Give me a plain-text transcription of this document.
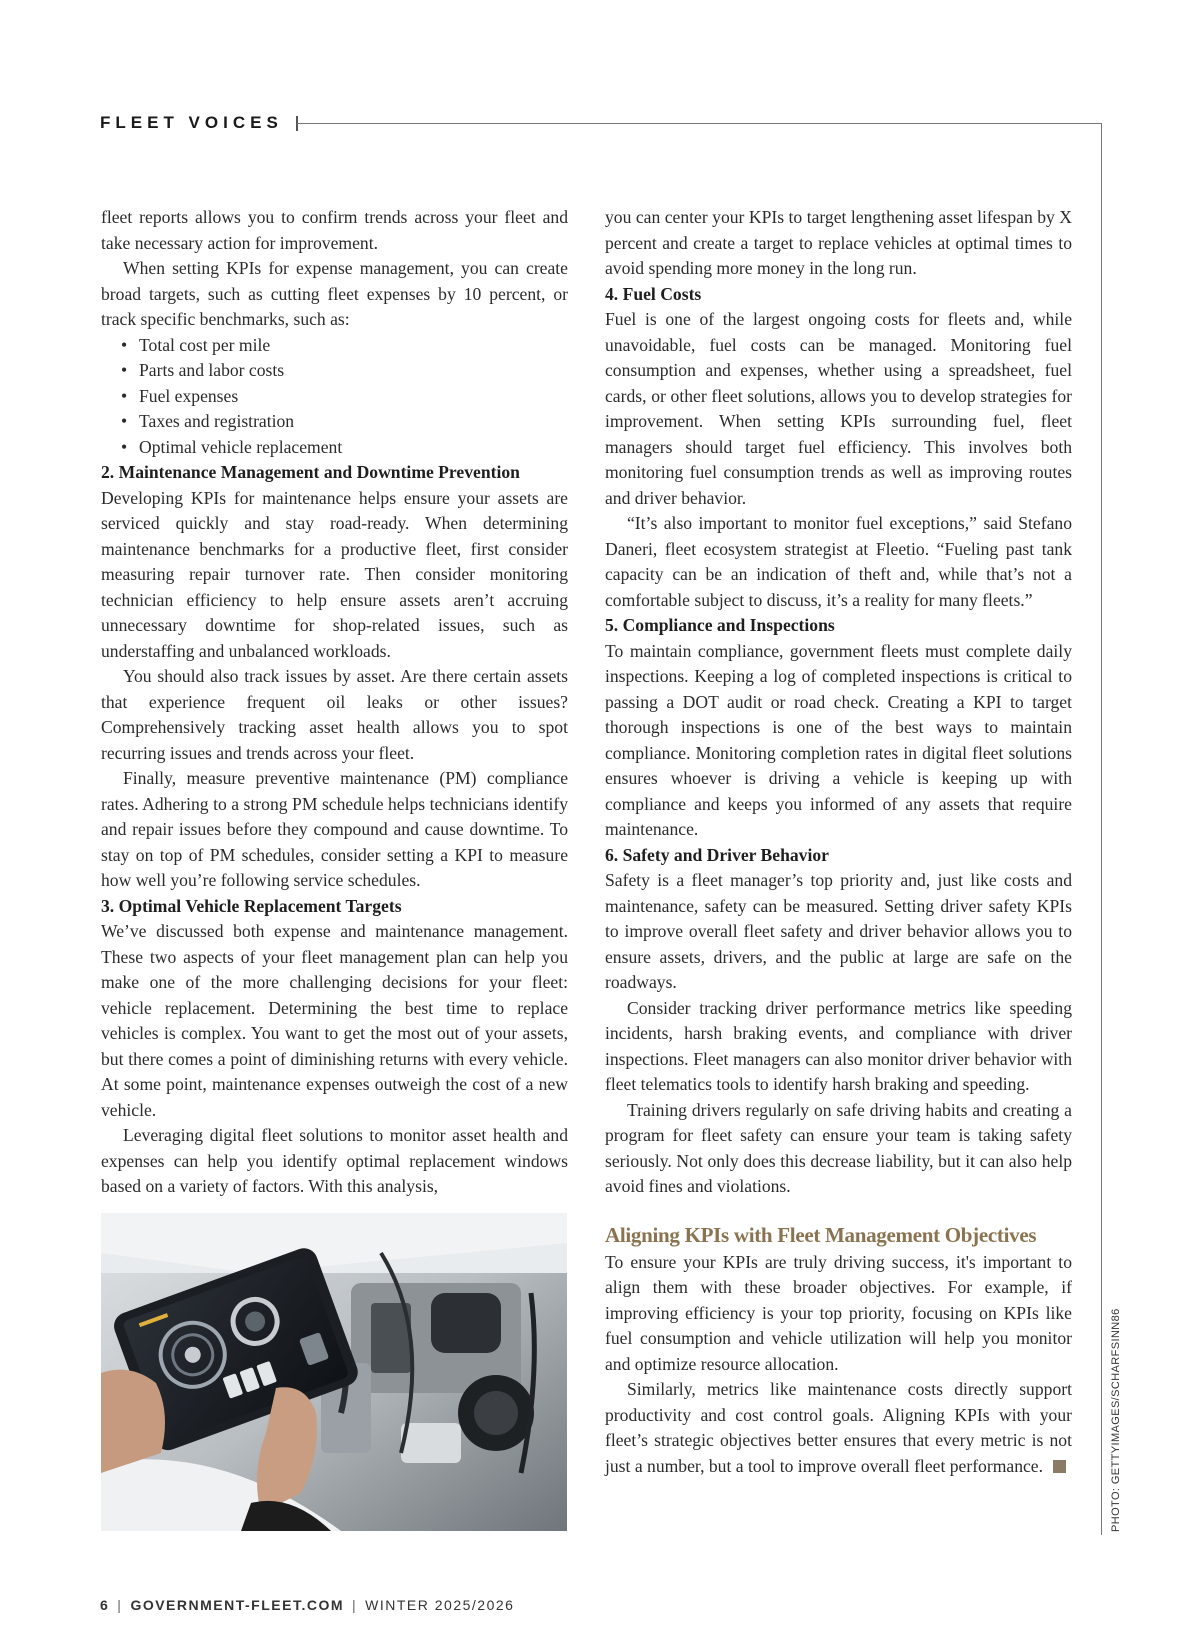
FLEET VOICES

fleet reports allows you to confirm trends across your fleet and take necessary action for improvement.

When setting KPIs for expense management, you can create broad targets, such as cutting fleet expenses by 10 percent, or track specific benchmarks, such as:

• Total cost per mile
• Parts and labor costs
• Fuel expenses
• Taxes and registration
• Optimal vehicle replacement
2. Maintenance Management and Downtime Prevention

Developing KPIs for maintenance helps ensure your assets are serviced quickly and stay road-ready. When determining maintenance benchmarks for a productive fleet, first consider measuring repair turnover rate. Then consider monitoring technician efficiency to help ensure assets aren’t accruing unnecessary downtime for shop-related issues, such as understaffing and unbalanced workloads.

You should also track issues by asset. Are there certain assets that experience frequent oil leaks or other issues? Comprehensively tracking asset health allows you to spot recurring issues and trends across your fleet.

Finally, measure preventive maintenance (PM) compliance rates. Adhering to a strong PM schedule helps technicians identify and repair issues before they compound and cause downtime. To stay on top of PM schedules, consider setting a KPI to measure how well you’re following service schedules.

3. Optimal Vehicle Replacement Targets

We’ve discussed both expense and maintenance management. These two aspects of your fleet management plan can help you make one of the more challenging decisions for your fleet: vehicle replacement. Determining the best time to replace vehicles is complex. You want to get the most out of your assets, but there comes a point of diminishing returns with every vehicle. At some point, maintenance expenses outweigh the cost of a new vehicle.

Leveraging digital fleet solutions to monitor asset health and expenses can help you identify optimal replacement windows based on a variety of factors. With this analysis,

you can center your KPIs to target lengthening asset lifespan by X percent and create a target to replace vehicles at optimal times to avoid spending more money in the long run.

4. Fuel Costs

Fuel is one of the largest ongoing costs for fleets and, while unavoidable, fuel costs can be managed. Monitoring fuel consumption and expenses, whether using a spreadsheet, fuel cards, or other fleet solutions, allows you to develop strategies for improvement. When setting KPIs surrounding fuel, fleet managers should target fuel efficiency. This involves both monitoring fuel consumption trends as well as improving routes and driver behavior.

“It’s also important to monitor fuel exceptions,” said Stefano Daneri, fleet ecosystem strategist at Fleetio. “Fueling past tank capacity can be an indication of theft and, while that’s not a comfortable subject to discuss, it’s a reality for many fleets.”

5. Compliance and Inspections

To maintain compliance, government fleets must complete daily inspections. Keeping a log of completed inspections is critical to passing a DOT audit or road check. Creating a KPI to target thorough inspections is one of the best ways to maintain compliance. Monitoring completion rates in digital fleet solutions ensures whoever is driving a vehicle is keeping up with compliance and keeps you informed of any assets that require maintenance.

6. Safety and Driver Behavior

Safety is a fleet manager’s top priority and, just like costs and maintenance, safety can be measured. Setting driver safety KPIs to improve overall fleet safety and driver behavior allows you to ensure assets, drivers, and the public at large are safe on the roadways.

Consider tracking driver performance metrics like speeding incidents, harsh braking events, and compliance with driver inspections. Fleet managers can also monitor driver behavior with fleet telematics tools to identify harsh braking and speeding.

Training drivers regularly on safe driving habits and creating a program for fleet safety can ensure your team is taking safety seriously. Not only does this decrease liability, but it can also help avoid fines and violations.

Aligning KPIs with Fleet Management Objectives

To ensure your KPIs are truly driving success, it's important to align them with these broader objectives. For example, if improving efficiency is your top priority, focusing on KPIs like fuel consumption and vehicle utilization will help you monitor and optimize resource allocation.

Similarly, metrics like maintenance costs directly support productivity and cost control goals. Aligning KPIs with your fleet’s strategic objectives better ensures that every metric is not just a number, but a tool to improve overall fleet performance.	PHOTO: GETTYIMAGES/SCHARFSINN86
6 | GOVERNMENT-FLEET.COM | WINTER 2025/2026
